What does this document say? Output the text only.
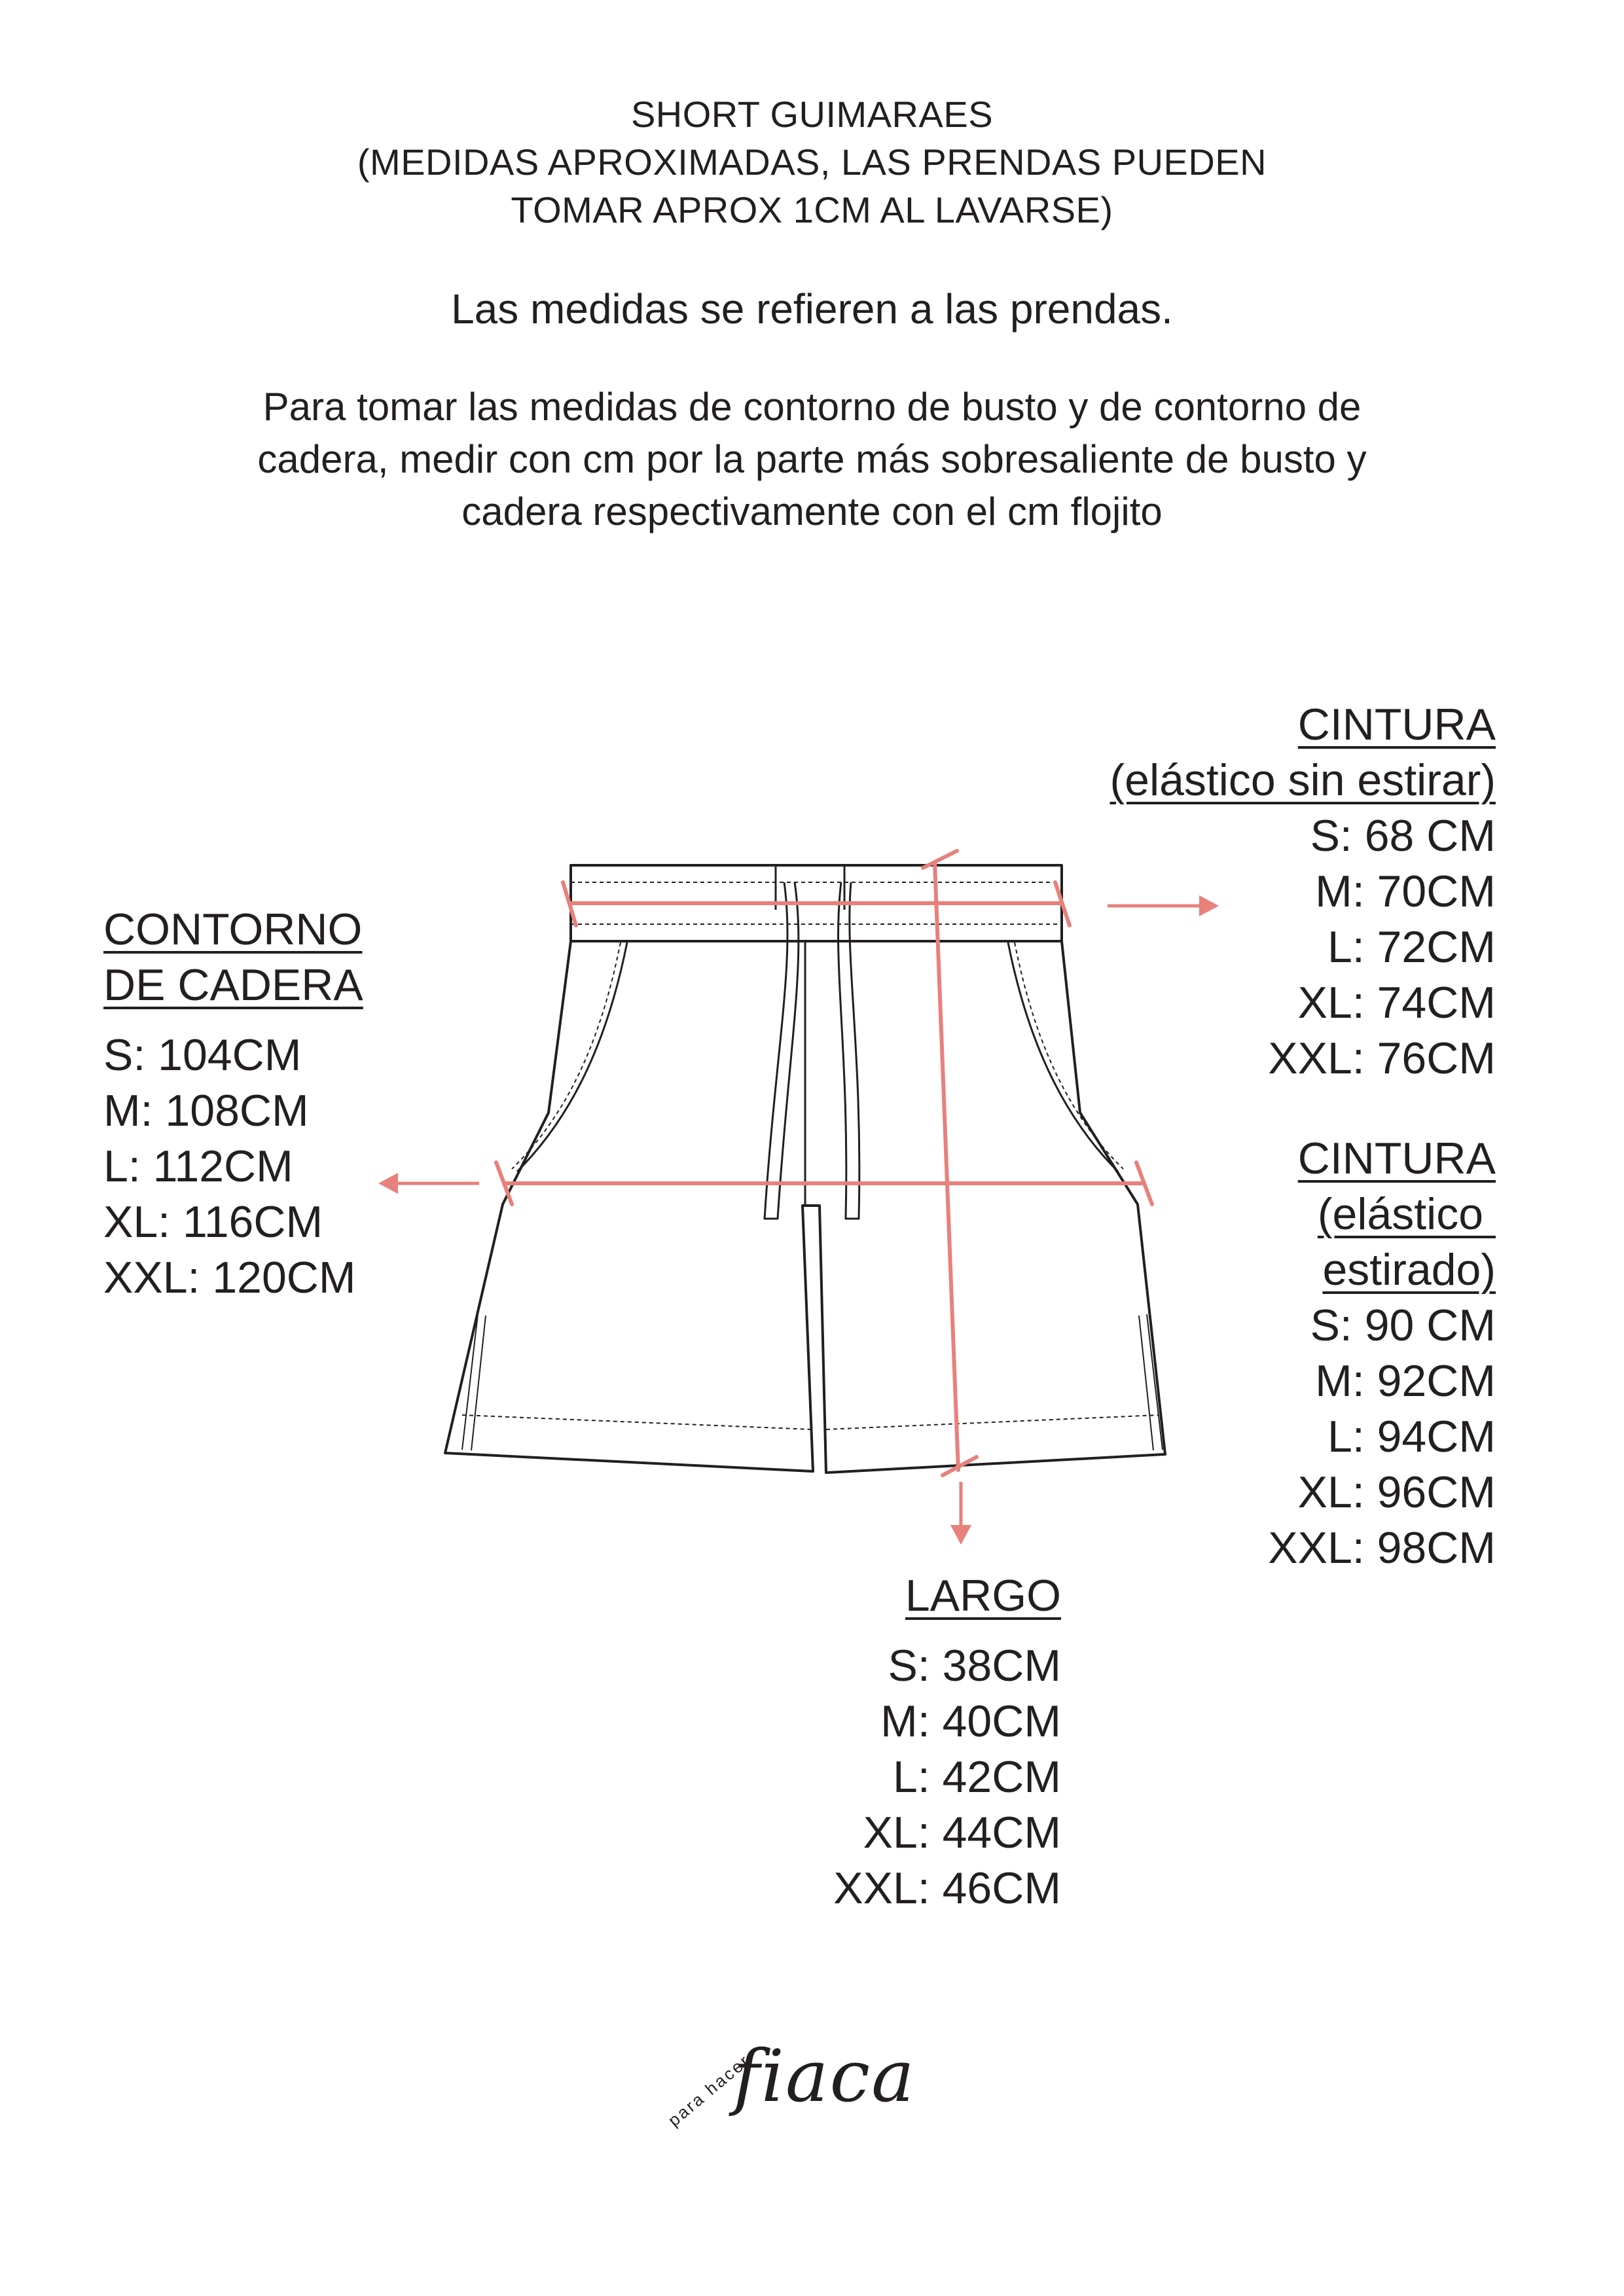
SHORT GUIMARAES
(MEDIDAS APROXIMADAS, LAS PRENDAS PUEDEN
TOMAR APROX 1CM AL LAVARSE)
Las medidas se refieren a las prendas.
Para tomar las medidas de contorno de busto y de contorno de
cadera, medir con cm por la parte más sobresaliente de busto y
cadera respectivamente con el cm flojito
CONTORNO
DE CADERA
S: 104CM
M: 108CM
L: 112CM
XL: 116CM
XXL: 120CM
CINTURA
(elástico sin estirar)
S: 68 CM
M: 70CM
L: 72CM
XL: 74CM
XXL: 76CM
CINTURA
(elástico
estirado)
S: 90 CM
M: 92CM
L: 94CM
XL: 96CM
XXL: 98CM
LARGO
S: 38CM
M: 40CM
L: 42CM
XL: 44CM
XXL: 46CM
para hacer
fiaca
